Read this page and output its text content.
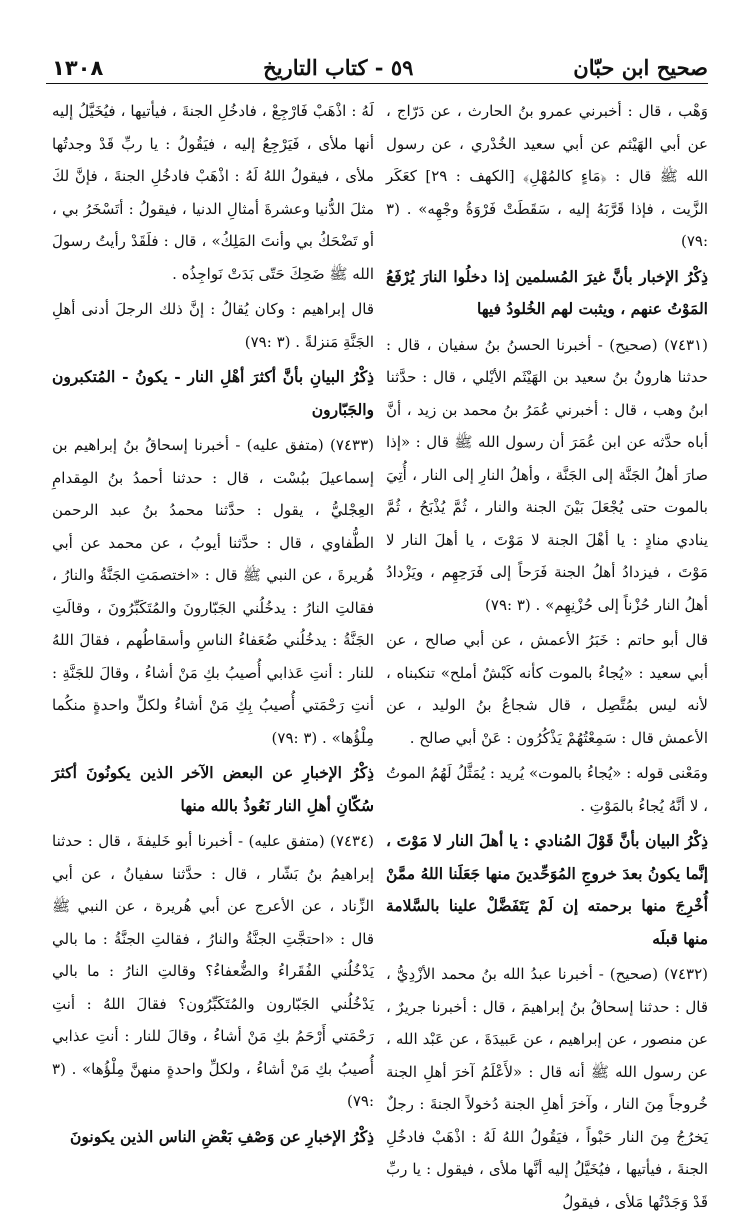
١٣٠٨	٥٩ - كتاب التاريخ	صحيح ابن حبّان

وَهْب ، قال : أخبرني عمرو بنُ الحارث ، عن دَرّاج ، عن أبي الهَيْثم عن أبي سعيد الخُدْري ، عن رسول الله ﷺ قال : ﴿مَاءٍ كالمُهْلِ﴾ [الكهف : ٢٩] كعَكَر الزَّيت ، فإذا قَرَّبَهُ إليه ، سَقَطَتْ فَرْوَةُ وجْهِه» . (٣ :٧٩)

ذِكْرُ الإخبار بأنَّ غيرَ المُسلمين إذا دخلُوا النارَ يُرْفَعُ المَوْتُ عنهم ، ويثبت لهم الخُلودُ فيها

(٧٤٣١) (صحيح) - أخبرنا الحسنُ بنُ سفيان ، قال : حدثنا هارونُ بنُ سعيد بن الهَيْثَم الأيْلي ، قال : حدَّثنا ابنُ وهب ، قال : أخبرني عُمَرُ بنُ محمد بن زيد ، أنَّ أباه حدَّثه عن ابن عُمَرَ أن رسول الله ﷺ قال : «إذا صارَ أهلُ الجَنَّة إلى الجَنَّة ، وأهلُ النارِ إلى النار ، أُتِيَ بالموت حتى يُجْعَلَ بَيْنَ الجنة والنار ، ثُمَّ يُذْبَحُ ، ثُمَّ ينادي منادٍ : يا أهْلَ الجنة لا مَوْتَ ، يا أهلَ النار لا مَوْتَ ، فيزدادُ أهلُ الجنة فَرَحاً إلى فَرَحِهِم ، ويَزْدادُ أهلُ النار حُزْناً إلى حُزْنِهِم» . (٣ :٧٩)

قال أبو حاتم : خَبَرُ الأعمش ، عن أبي صالح ، عن أبي سعيد : «يُجاءُ بالموت كأنه كَبْشٌ أملح» تنكبناه ، لأنه ليس بمُتَّصِل ، قال شجاعُ بنُ الوليد ، عن الأعمش قال : سَمِعْتُهُمْ يَذْكُرُون : عَنْ أبي صالح .

ومَعْنى قوله : «يُجاءُ بالموت» يُريد : يُمَثَّلُ لَهُمُ الموتُ ، لا أنَّهُ يُجاءُ بالمَوْتِ .

ذِكْرُ البيان بأنَّ قَوْلَ المُنادي : يا أهلَ النار لا مَوْتَ ، إنَّما يكونُ بعدَ خروجِ المُوَحِّدينَ منها جَعَلَنا اللهُ ممَّنْ أُخْرِجَ منها برحمته إن لَمْ يَتَفَضَّلْ علينا بالسَّلامة منها قبلَه

(٧٤٣٢) (صحيح) - أخبرنا عبدُ الله بنُ محمد الأزْدِيُّ ، قال : حدثنا إسحاقُ بنُ إبراهيمَ ، قال : أخبرنا جريرٌ ، عن منصور ، عن إبراهيم ، عن عَبيدَةَ ، عن عَبْد الله ، عن رسول الله ﷺ أنه قال : «لأَعْلَمُ آخرَ أهلِ الجنة خُروجاً مِنَ النار ، وآخرَ أهلِ الجنة دُخولاً الجنةَ : رجلٌ يَخرُجُ مِنَ النار حَبْواً ، فيَقُولُ اللهُ لَهُ : اذْهَبْ فادخُلِ الجنةَ ، فيأتيها ، فيُخَيَّلُ إليه أنَّها ملأى ، فيقول : يا ربِّ قَدْ وَجَدْتُها مَلأى ، فيقولُ

لَهُ : اذْهَبْ فَارْجِعْ ، فادخُلِ الجنةَ ، فيأتيها ، فيُخَيَّلُ إليه أنها ملأى ، فَيَرْجِعُ إليه ، فيَقُولُ : يا ربِّ قَدْ وجدتُها ملأى ، فيقولُ اللهُ لَهُ : اذْهَبْ فادخُلِ الجنةَ ، فإنَّ لكَ مثلَ الدُّنيا وعشرةَ أمثالِ الدنيا ، فيقولُ : أتَسْخَرُ بي ، أو تَضْحَكُ بي وأنتَ المَلِكُ» ، قال : فلَقَدْ رأيتُ رسولَ الله ﷺ ضَحِكَ حَتّى بَدَتْ نَواجِذُه .

قال إبراهيم : وكان يُقالُ : إنَّ ذلك الرجلَ أدنى أهلِ الجَنَّةِ مَنزلةً . (٣ :٧٩)

ذِكْرُ البيانِ بأنَّ أكثرَ أهْلِ النار - يكونُ - المُتكبرون والجَبّارون

(٧٤٣٣) (متفق عليه) - أخبرنا إسحاقُ بنُ إبراهيم بن إسماعيلَ ببُسْت ، قال : حدثنا أحمدُ بنُ المِقدامِ العِجْليُّ ، يقول : حدَّثنا محمدُ بنُ عبد الرحمن الطُّفاوي ، قال : حدَّثنا أيوبُ ، عن محمد عن أبي هُريرةَ ، عن النبي ﷺ قال : «اختصمَتِ الجَنَّةُ والنارُ ، فقالتِ النارُ : يدخُلُني الجَبّارونَ والمُتَكَبِّرُونَ ، وقالَتِ الجَنَّةُ : يدخُلُني ضُعَفاءُ الناسِ وأسقاطُهم ، فقالَ اللهُ للنار : أنتِ عَذابي أُصيبُ بكِ مَنْ أشاءُ ، وقالَ للجَنَّةِ : أنتِ رَحْمَتي أُصيبُ بِكِ مَنْ أشاءُ ولكلِّ واحدةٍ منكُما مِلْؤُها» . (٣ :٧٩)

ذِكْرُ الإخبارِ عن البعض الآخر الذين يكونُونَ أكثرَ سُكّانِ أهلِ النار نَعُوذُ بالله منها

(٧٤٣٤) (متفق عليه) - أخبرنا أبو خَليفةَ ، قال : حدثنا إبراهيمُ بنُ بَشّار ، قال : حدَّثنا سفيانُ ، عن أبي الزِّناد ، عن الأعرج عن أبي هُريرة ، عن النبي ﷺ قال : «احتجَّتِ الجنَّةُ والنارُ ، فقالتِ الجنَّةُ : ما بالي يَدْخُلُني الفُقَراءُ والضُّعفاءُ؟ وقالتِ النارُ : ما بالي يَدْخُلُني الجَبّارون والمُتَكَبِّرُون؟ فقالَ اللهُ : أنتِ رَحْمَتي أَرْحَمُ بكِ مَنْ أشاءُ ، وقالَ للنار : أنتِ عذابي أُصيبُ بكِ مَنْ أشاءُ ، ولكلِّ واحدةٍ منهنَّ مِلْؤُها» . (٣ :٧٩)

ذِكْرُ الإخبارِ عن وَصْفِ بَعْضِ الناس الذين يكونونَ
